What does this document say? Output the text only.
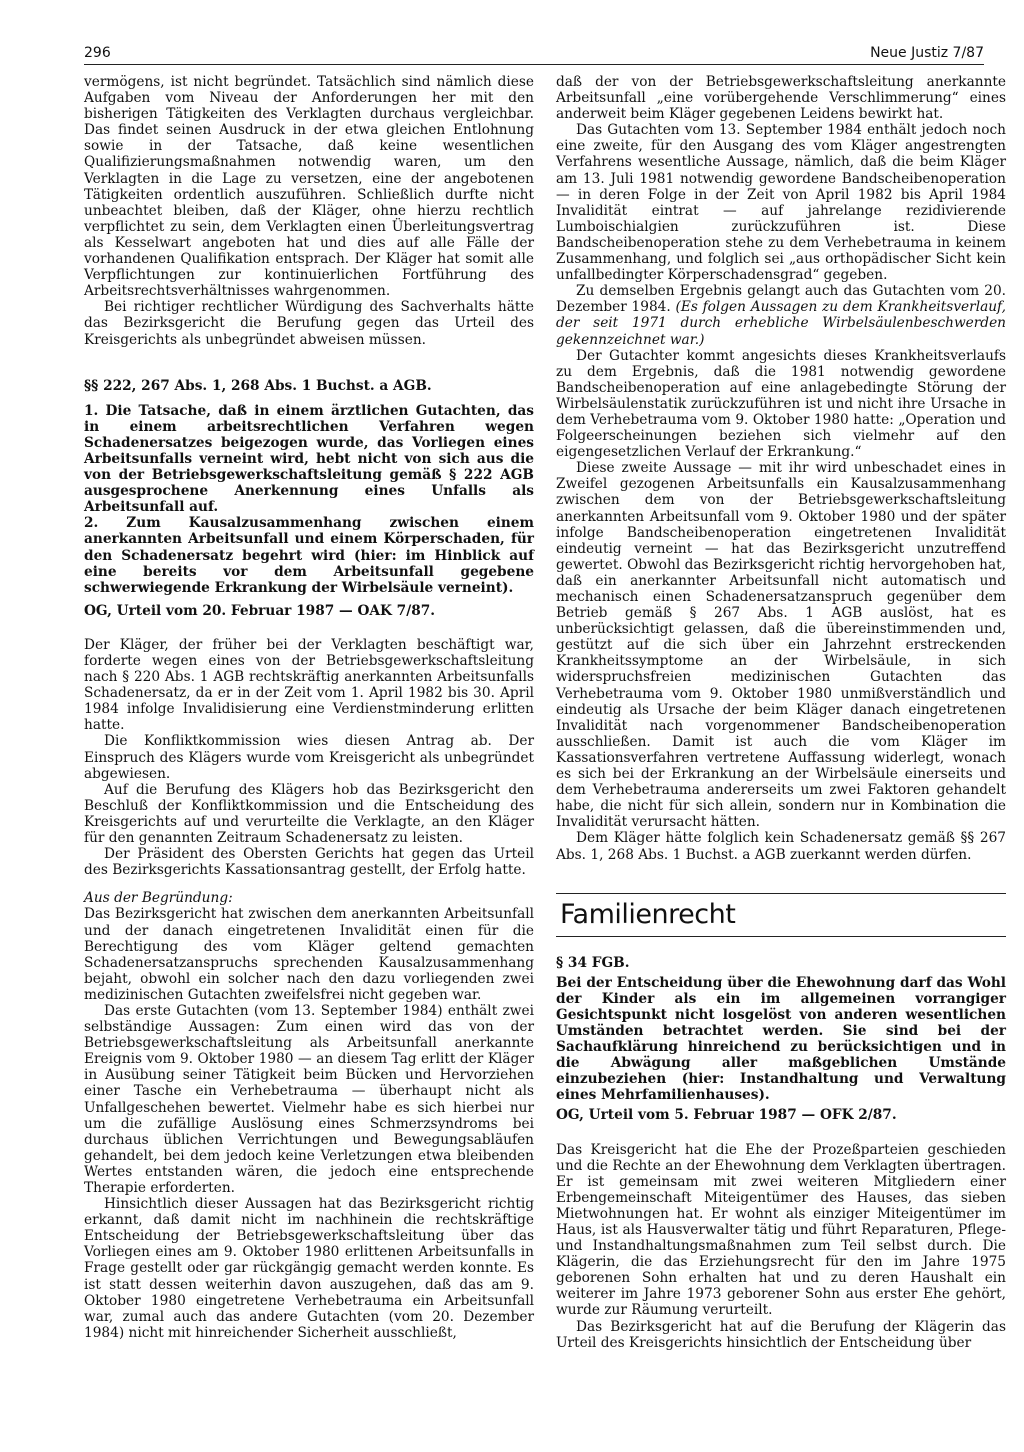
296	Neue Justiz 7/87

vermögens, ist nicht begründet. Tatsächlich sind nämlich diese Aufgaben vom Niveau der Anforderungen her mit den bisherigen Tätigkeiten des Verklagten durchaus vergleichbar. Das findet seinen Ausdruck in der etwa gleichen Entlohnung sowie in der Tatsache, daß keine wesentlichen Qualifizierungsmaßnahmen notwendig waren, um den Verklagten in die Lage zu versetzen, eine der angebotenen Tätigkeiten ordentlich auszuführen. Schließlich durfte nicht unbeachtet bleiben, daß der Kläger, ohne hierzu rechtlich verpflichtet zu sein, dem Verklagten einen Überleitungsvertrag als Kesselwart angeboten hat und dies auf alle Fälle der vorhandenen Qualifikation entsprach. Der Kläger hat somit alle Verpflichtungen zur kontinuierlichen Fortführung des Arbeitsrechtsverhältnisses wahrgenommen.

Bei richtiger rechtlicher Würdigung des Sachverhalts hätte das Bezirksgericht die Berufung gegen das Urteil des Kreisgerichts als unbegründet abweisen müssen.

§§ 222, 267 Abs. 1, 268 Abs. 1 Buchst. a AGB.

1. Die Tatsache, daß in einem ärztlichen Gutachten, das in einem arbeitsrechtlichen Verfahren wegen Schadenersatzes beigezogen wurde, das Vorliegen eines Arbeitsunfalls verneint wird, hebt nicht von sich aus die von der Betriebsgewerkschaftsleitung gemäß § 222 AGB ausgesprochene Anerkennung eines Unfalls als Arbeitsunfall auf.

2. Zum Kausalzusammenhang zwischen einem anerkannten Arbeitsunfall und einem Körperschaden, für den Schadenersatz begehrt wird (hier: im Hinblick auf eine bereits vor dem Arbeitsunfall gegebene schwerwiegende Erkrankung der Wirbelsäule verneint).

OG, Urteil vom 20. Februar 1987 — OAK 7/87.

Der Kläger, der früher bei der Verklagten beschäftigt war, forderte wegen eines von der Betriebsgewerkschaftsleitung nach § 220 Abs. 1 AGB rechtskräftig anerkannten Arbeitsunfalls Schadenersatz, da er in der Zeit vom 1. April 1982 bis 30. April 1984 infolge Invalidisierung eine Verdienstminderung erlitten hatte.

Die Konfliktkommission wies diesen Antrag ab. Der Einspruch des Klägers wurde vom Kreisgericht als unbegründet abgewiesen.

Auf die Berufung des Klägers hob das Bezirksgericht den Beschluß der Konfliktkommission und die Entscheidung des Kreisgerichts auf und verurteilte die Verklagte, an den Kläger für den genannten Zeitraum Schadenersatz zu leisten.

Der Präsident des Obersten Gerichts hat gegen das Urteil des Bezirksgerichts Kassationsantrag gestellt, der Erfolg hatte.

Aus der Begründung:

Das Bezirksgericht hat zwischen dem anerkannten Arbeitsunfall und der danach eingetretenen Invalidität einen für die Berechtigung des vom Kläger geltend gemachten Schadenersatzanspruchs sprechenden Kausalzusammenhang bejaht, obwohl ein solcher nach den dazu vorliegenden zwei medizinischen Gutachten zweifelsfrei nicht gegeben war.

Das erste Gutachten (vom 13. September 1984) enthält zwei selbständige Aussagen: Zum einen wird das von der Betriebsgewerkschaftsleitung als Arbeitsunfall anerkannte Ereignis vom 9. Oktober 1980 — an diesem Tag erlitt der Kläger in Ausübung seiner Tätigkeit beim Bücken und Hervorziehen einer Tasche ein Verhebetrauma — überhaupt nicht als Unfallgeschehen bewertet. Vielmehr habe es sich hierbei nur um die zufällige Auslösung eines Schmerzsyndroms bei durchaus üblichen Verrichtungen und Bewegungsabläufen gehandelt, bei dem jedoch keine Verletzungen etwa bleibenden Wertes entstanden wären, die jedoch eine entsprechende Therapie erforderten.

Hinsichtlich dieser Aussagen hat das Bezirksgericht richtig erkannt, daß damit nicht im nachhinein die rechtskräftige Entscheidung der Betriebsgewerkschaftsleitung über das Vorliegen eines am 9. Oktober 1980 erlittenen Arbeitsunfalls in Frage gestellt oder gar rückgängig gemacht werden konnte. Es ist statt dessen weiterhin davon auszugehen, daß das am 9. Oktober 1980 eingetretene Verhebetrauma ein Arbeitsunfall war, zumal auch das andere Gutachten (vom 20. Dezember 1984) nicht mit hinreichender Sicherheit ausschließt,

daß der von der Betriebsgewerkschaftsleitung anerkannte Arbeitsunfall „eine vorübergehende Verschlimmerung“ eines anderweit beim Kläger gegebenen Leidens bewirkt hat.

Das Gutachten vom 13. September 1984 enthält jedoch noch eine zweite, für den Ausgang des vom Kläger angestrengten Verfahrens wesentliche Aussage, nämlich, daß die beim Kläger am 13. Juli 1981 notwendig gewordene Bandscheibenoperation — in deren Folge in der Zeit von April 1982 bis April 1984 Invalidität eintrat — auf jahrelange rezidivierende Lumboischialgien zurückzuführen ist. Diese Bandscheibenoperation stehe zu dem Verhebetrauma in keinem Zusammenhang, und folglich sei „aus orthopädischer Sicht kein unfallbedingter Körperschadensgrad“ gegeben.

Zu demselben Ergebnis gelangt auch das Gutachten vom 20. Dezember 1984. (Es folgen Aussagen zu dem Krankheitsverlauf, der seit 1971 durch erhebliche Wirbelsäulenbeschwerden gekennzeichnet war.)

Der Gutachter kommt angesichts dieses Krankheitsverlaufs zu dem Ergebnis, daß die 1981 notwendig gewordene Bandscheibenoperation auf eine anlagebedingte Störung der Wirbelsäulenstatik zurückzuführen ist und nicht ihre Ursache in dem Verhebetrauma vom 9. Oktober 1980 hatte: „Operation und Folgeerscheinungen beziehen sich vielmehr auf den eigengesetzlichen Verlauf der Erkrankung.“

Diese zweite Aussage — mit ihr wird unbeschadet eines in Zweifel gezogenen Arbeitsunfalls ein Kausalzusammenhang zwischen dem von der Betriebsgewerkschaftsleitung anerkannten Arbeitsunfall vom 9. Oktober 1980 und der später infolge Bandscheibenoperation eingetretenen Invalidität eindeutig verneint — hat das Bezirksgericht unzutreffend gewertet. Obwohl das Bezirksgericht richtig hervorgehoben hat, daß ein anerkannter Arbeitsunfall nicht automatisch und mechanisch einen Schadenersatzanspruch gegenüber dem Betrieb gemäß § 267 Abs. 1 AGB auslöst, hat es unberücksichtigt gelassen, daß die übereinstimmenden und, gestützt auf die sich über ein Jahrzehnt erstreckenden Krankheitssymptome an der Wirbelsäule, in sich widerspruchsfreien medizinischen Gutachten das Verhebetrauma vom 9. Oktober 1980 unmißverständlich und eindeutig als Ursache der beim Kläger danach eingetretenen Invalidität nach vorgenommener Bandscheibenoperation ausschließen. Damit ist auch die vom Kläger im Kassationsverfahren vertretene Auffassung widerlegt, wonach es sich bei der Erkrankung an der Wirbelsäule einerseits und dem Verhebetrauma andererseits um zwei Faktoren gehandelt habe, die nicht für sich allein, sondern nur in Kombination die Invalidität verursacht hätten.

Dem Kläger hätte folglich kein Schadenersatz gemäß §§ 267 Abs. 1, 268 Abs. 1 Buchst. a AGB zuerkannt werden dürfen.

Familienrecht

§ 34 FGB.

Bei der Entscheidung über die Ehewohnung darf das Wohl der Kinder als ein im allgemeinen vorrangiger Gesichtspunkt nicht losgelöst von anderen wesentlichen Umständen betrachtet werden. Sie sind bei der Sachaufklärung hinreichend zu berücksichtigen und in die Abwägung aller maßgeblichen Umstände einzubeziehen (hier: Instandhaltung und Verwaltung eines Mehrfamilienhauses).

OG, Urteil vom 5. Februar 1987 — OFK 2/87.

Das Kreisgericht hat die Ehe der Prozeßparteien geschieden und die Rechte an der Ehewohnung dem Verklagten übertragen. Er ist gemeinsam mit zwei weiteren Mitgliedern einer Erbengemeinschaft Miteigentümer des Hauses, das sieben Mietwohnungen hat. Er wohnt als einziger Miteigentümer im Haus, ist als Hausverwalter tätig und führt Reparaturen, Pflege- und Instandhaltungsmaßnahmen zum Teil selbst durch. Die Klägerin, die das Erziehungsrecht für den im Jahre 1975 geborenen Sohn erhalten hat und zu deren Haushalt ein weiterer im Jahre 1973 geborener Sohn aus erster Ehe gehört, wurde zur Räumung verurteilt.

Das Bezirksgericht hat auf die Berufung der Klägerin das Urteil des Kreisgerichts hinsichtlich der Entscheidung über
